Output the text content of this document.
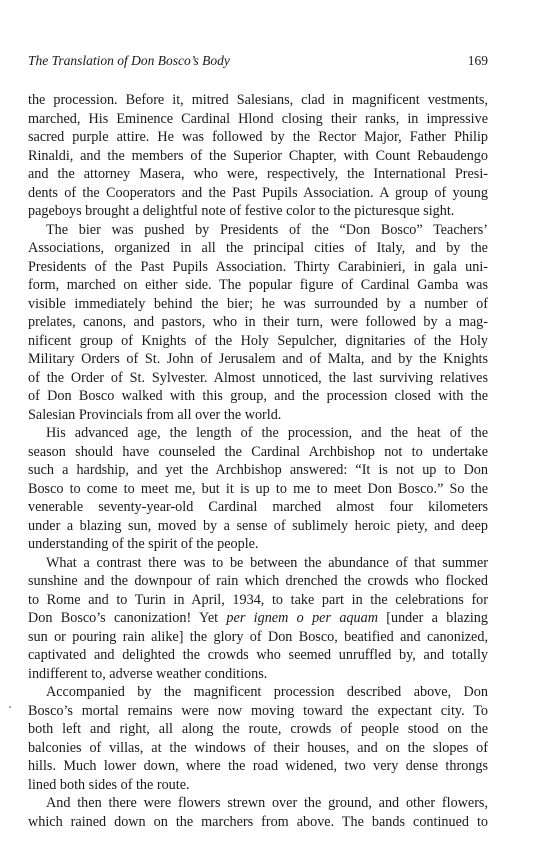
The Translation of Don Bosco’s Body	169
the procession. Before it, mitred Salesians, clad in magnificent vestments,
marched, His Eminence Cardinal Hlond closing their ranks, in impressive
sacred purple attire. He was followed by the Rector Major, Father Philip
Rinaldi, and the members of the Superior Chapter, with Count Rebaudengo
and the attorney Masera, who were, respectively, the International Presi-
dents of the Cooperators and the Past Pupils Association. A group of young
pageboys brought a delightful note of festive color to the picturesque sight.
The bier was pushed by Presidents of the “Don Bosco” Teachers’
Associations, organized in all the principal cities of Italy, and by the
Presidents of the Past Pupils Association. Thirty Carabinieri, in gala uni-
form, marched on either side. The popular figure of Cardinal Gamba was
visible immediately behind the bier; he was surrounded by a number of
prelates, canons, and pastors, who in their turn, were followed by a mag-
nificent group of Knights of the Holy Sepulcher, dignitaries of the Holy
Military Orders of St. John of Jerusalem and of Malta, and by the Knights
of the Order of St. Sylvester. Almost unnoticed, the last surviving relatives
of Don Bosco walked with this group, and the procession closed with the
Salesian Provincials from all over the world.
His advanced age, the length of the procession, and the heat of the
season should have counseled the Cardinal Archbishop not to undertake
such a hardship, and yet the Archbishop answered: “It is not up to Don
Bosco to come to meet me, but it is up to me to meet Don Bosco.” So the
venerable seventy-year-old Cardinal marched almost four kilometers
under a blazing sun, moved by a sense of sublimely heroic piety, and deep
understanding of the spirit of the people.
What a contrast there was to be between the abundance of that summer
sunshine and the downpour of rain which drenched the crowds who flocked
to Rome and to Turin in April, 1934, to take part in the celebrations for
Don Bosco’s canonization! Yet per ignem o per aquam [under a blazing
sun or pouring rain alike] the glory of Don Bosco, beatified and canonized,
captivated and delighted the crowds who seemed unruffled by, and totally
indifferent to, adverse weather conditions.
Accompanied by the magnificent procession described above, Don
Bosco’s mortal remains were now moving toward the expectant city. To
both left and right, all along the route, crowds of people stood on the
balconies of villas, at the windows of their houses, and on the slopes of
hills. Much lower down, where the road widened, two very dense throngs
lined both sides of the route.
And then there were flowers strewn over the ground, and other flowers,
which rained down on the marchers from above. The bands continued to
